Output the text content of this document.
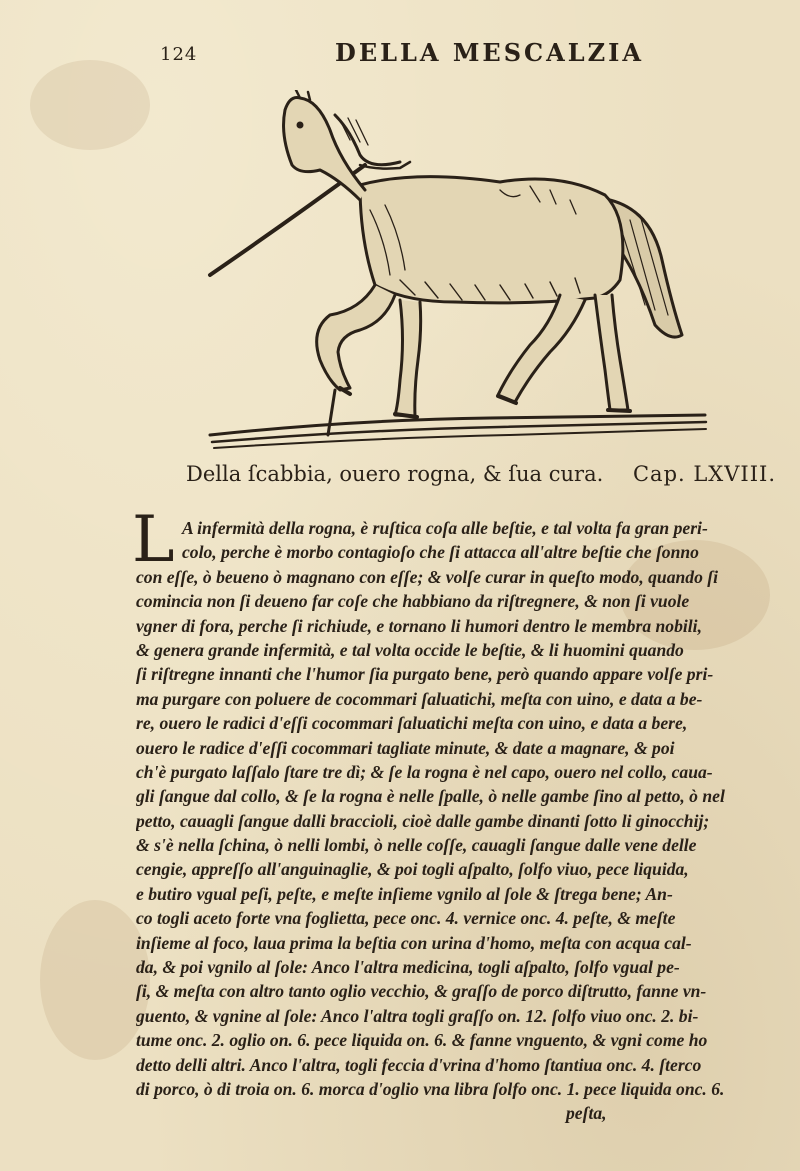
124	DELLA MESCALZIA
Della ſcabbia, ouero rogna, & ſua cura. Cap. LXVIII.
L A infermità della rogna, è ruſtica coſa alle beſtie, e tal volta fa gran peri-
colo, perche è morbo contagioſo che ſi attacca all'altre beſtie che ſonno
con eſſe, ò beueno ò magnano con eſſe; & volſe curar in queſto modo, quando ſi
comincia non ſi deueno far coſe che habbiano da riſtregnere, & non ſi vuole
vgner di fora, perche ſi richiude, e tornano li humori dentro le membra nobili,
& genera grande infermità, e tal volta occide le beſtie, & li huomini quando
ſi riſtregne innanti che l'humor ſia purgato bene, però quando appare volſe pri-
ma purgare con poluere de cocommari ſaluatichi, meſta con uino, e data a be-
re, ouero le radici d'eſſi cocommari ſaluatichi meſta con uino, e data a bere,
ouero le radice d'eſſi cocommari tagliate minute, & date a magnare, & poi
ch'è purgato laſſalo ſtare tre dì; & ſe la rogna è nel capo, ouero nel collo, caua-
gli ſangue dal collo, & ſe la rogna è nelle ſpalle, ò nelle gambe ſino al petto, ò nel
petto, cauagli ſangue dalli braccioli, cioè dalle gambe dinanti ſotto li ginocchij;
& s'è nella ſchina, ò nelli lombi, ò nelle coſſe, cauagli ſangue dalle vene delle
cengie, appreſſo all'anguinaglie, & poi togli aſpalto, ſolfo viuo, pece liquida,
e butiro vgual peſi, peſte, e meſte inſieme vgnilo al ſole & ſtrega bene; An-
co togli aceto forte vna foglietta, pece onc. 4. vernice onc. 4. peſte, & meſte
inſieme al foco, laua prima la beſtia con urina d'homo, meſta con acqua cal-
da, & poi vgnilo al ſole: Anco l'altra medicina, togli aſpalto, ſolfo vgual pe-
ſi, & meſta con altro tanto oglio vecchio, & graſſo de porco diſtrutto, fanne vn-
guento, & vgnine al ſole: Anco l'altra togli graſſo on. 12. ſolfo viuo onc. 2. bi-
tume onc. 2. oglio on. 6. pece liquida on. 6. & fanne vnguento, & vgni come ho
detto delli altri. Anco l'altra, togli feccia d'vrina d'homo ſtantiua onc. 4. ſterco
di porco, ò di troia on. 6. morca d'oglio vna libra ſolfo onc. 1. pece liquida onc. 6.
peſta,
